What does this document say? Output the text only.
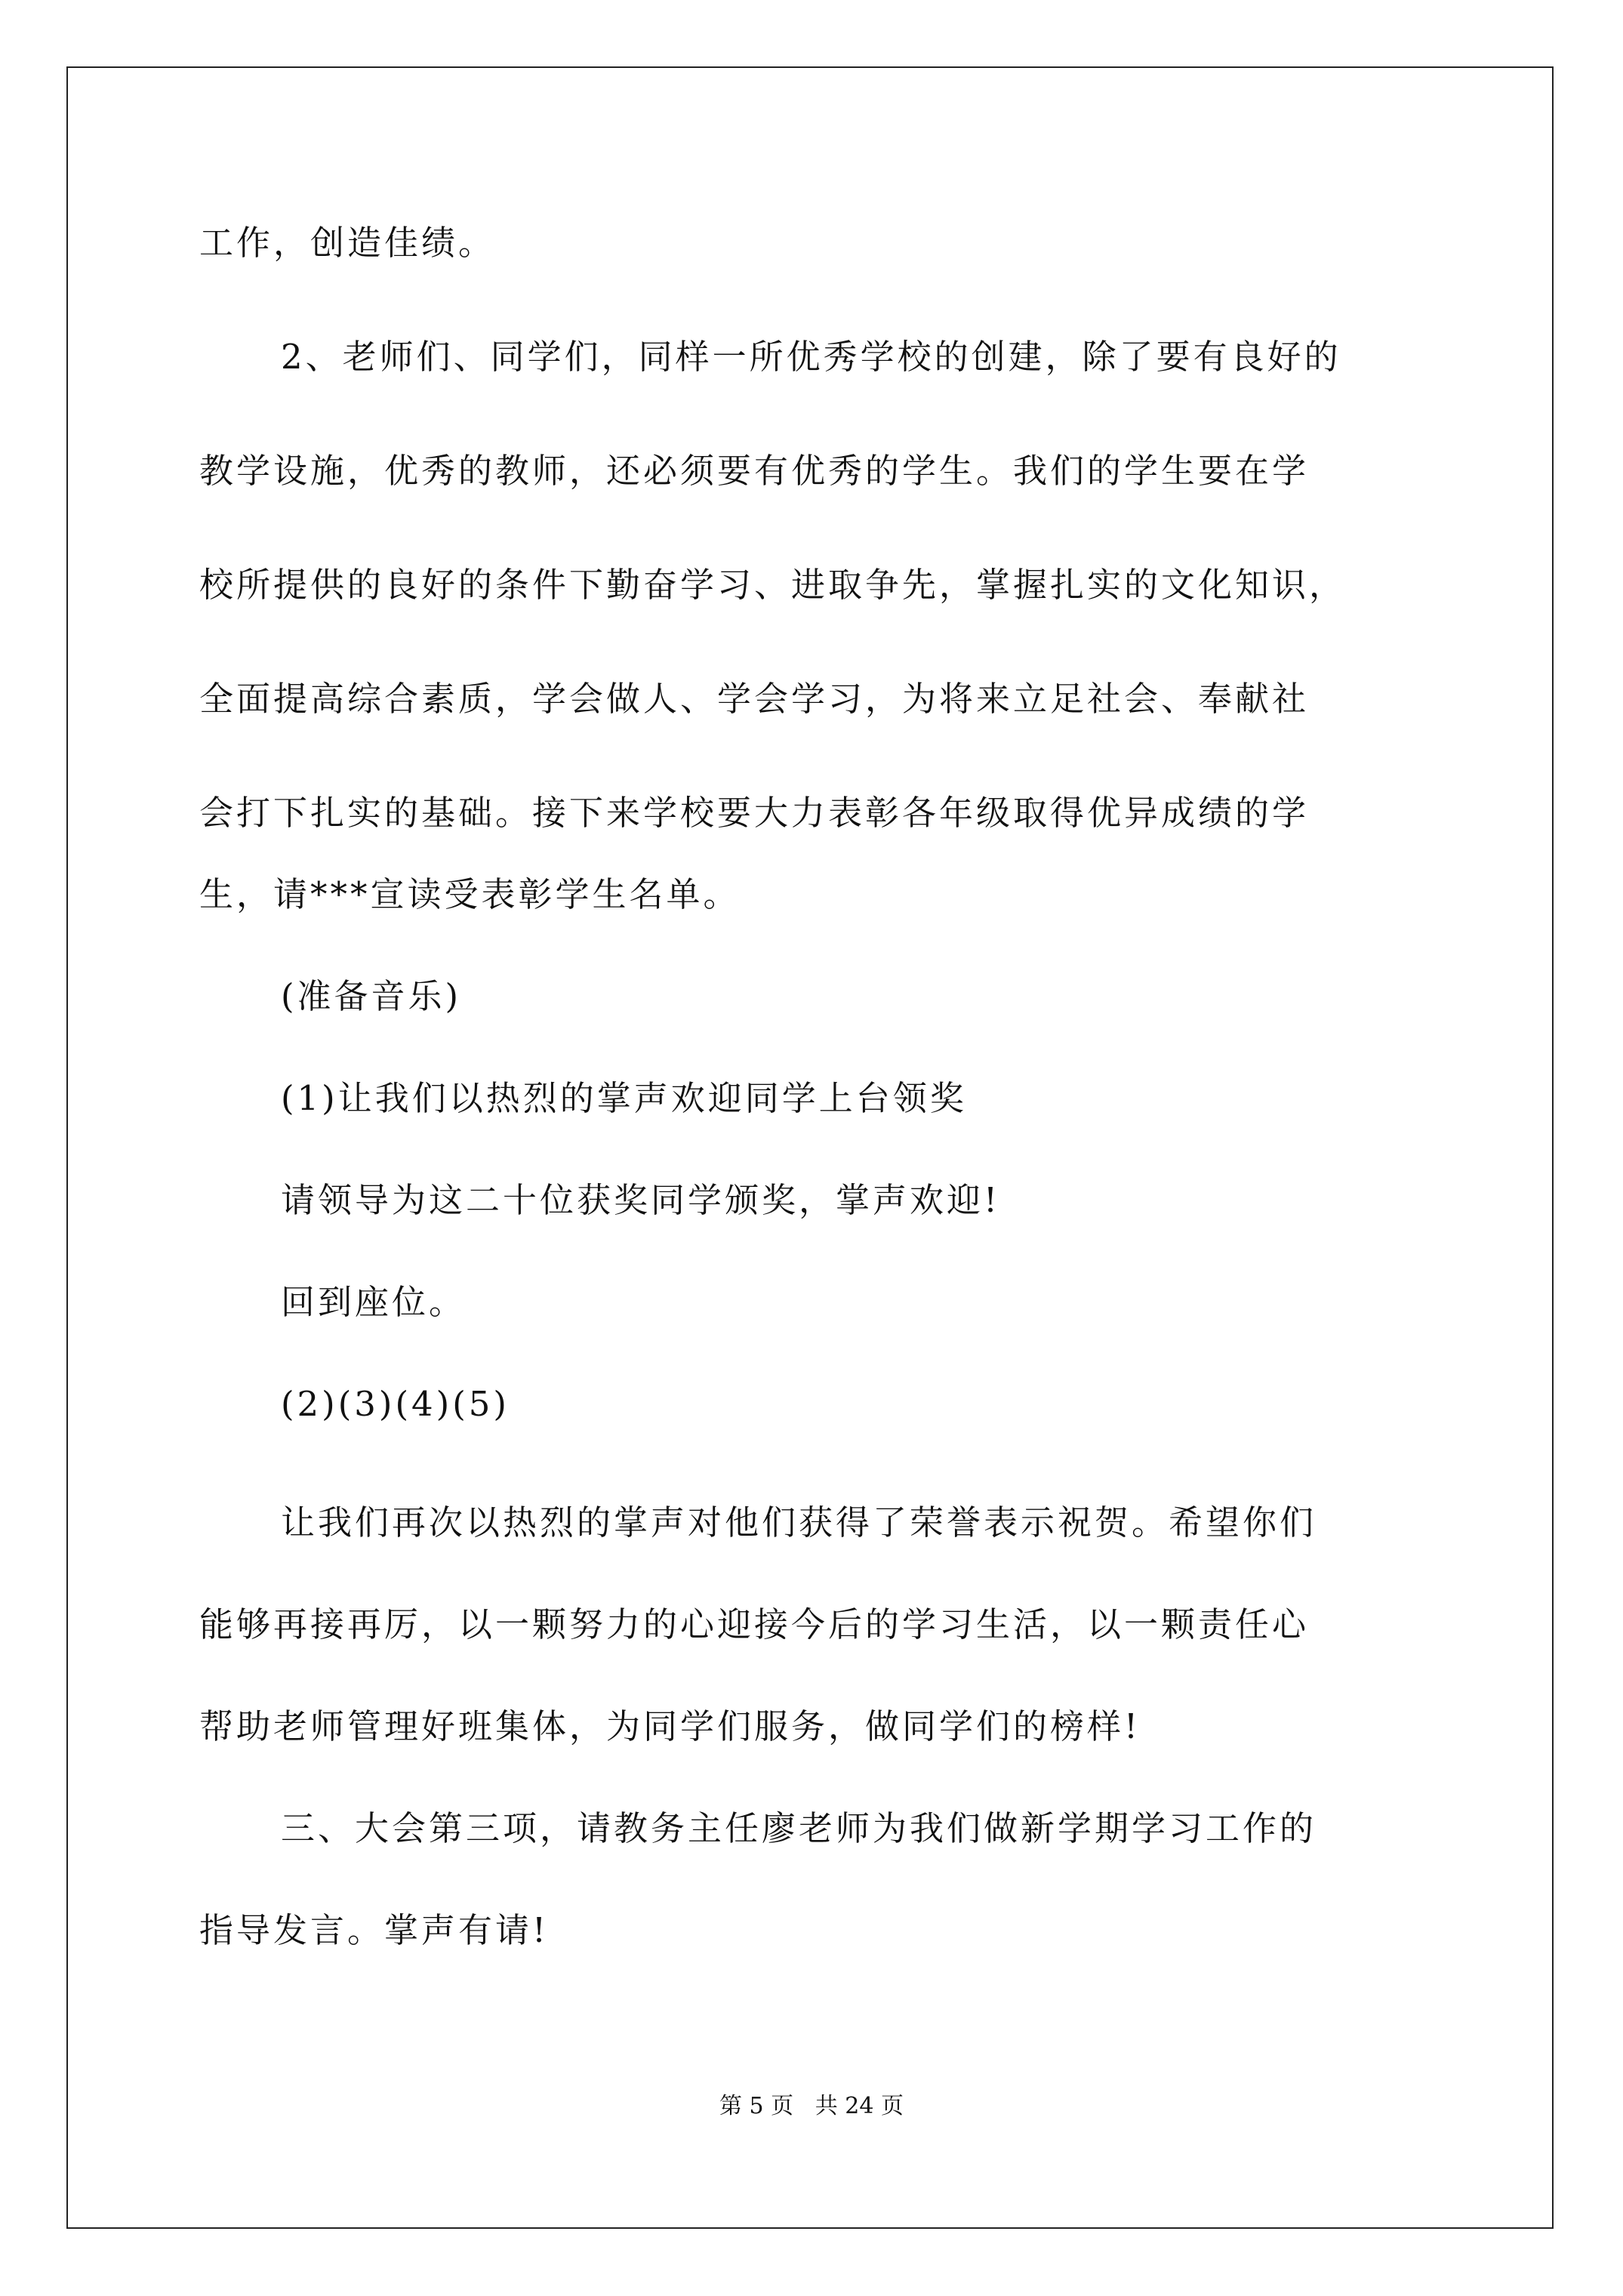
工作，创造佳绩。
2、老师们、同学们，同样一所优秀学校的创建，除了要有良好的
教学设施，优秀的教师，还必须要有优秀的学生。我们的学生要在学
校所提供的良好的条件下勤奋学习、进取争先，掌握扎实的文化知识，
全面提高综合素质，学会做人、学会学习，为将来立足社会、奉献社
会打下扎实的基础。接下来学校要大力表彰各年级取得优异成绩的学
生，请***宣读受表彰学生名单。
(准备音乐)
(1)让我们以热烈的掌声欢迎同学上台领奖
请领导为这二十位获奖同学颁奖，掌声欢迎!
回到座位。
(2)(3)(4)(5)
让我们再次以热烈的掌声对他们获得了荣誉表示祝贺。希望你们
能够再接再厉，以一颗努力的心迎接今后的学习生活，以一颗责任心
帮助老师管理好班集体，为同学们服务，做同学们的榜样!
三、大会第三项，请教务主任廖老师为我们做新学期学习工作的
指导发言。掌声有请!
第 5 页   共 24 页
